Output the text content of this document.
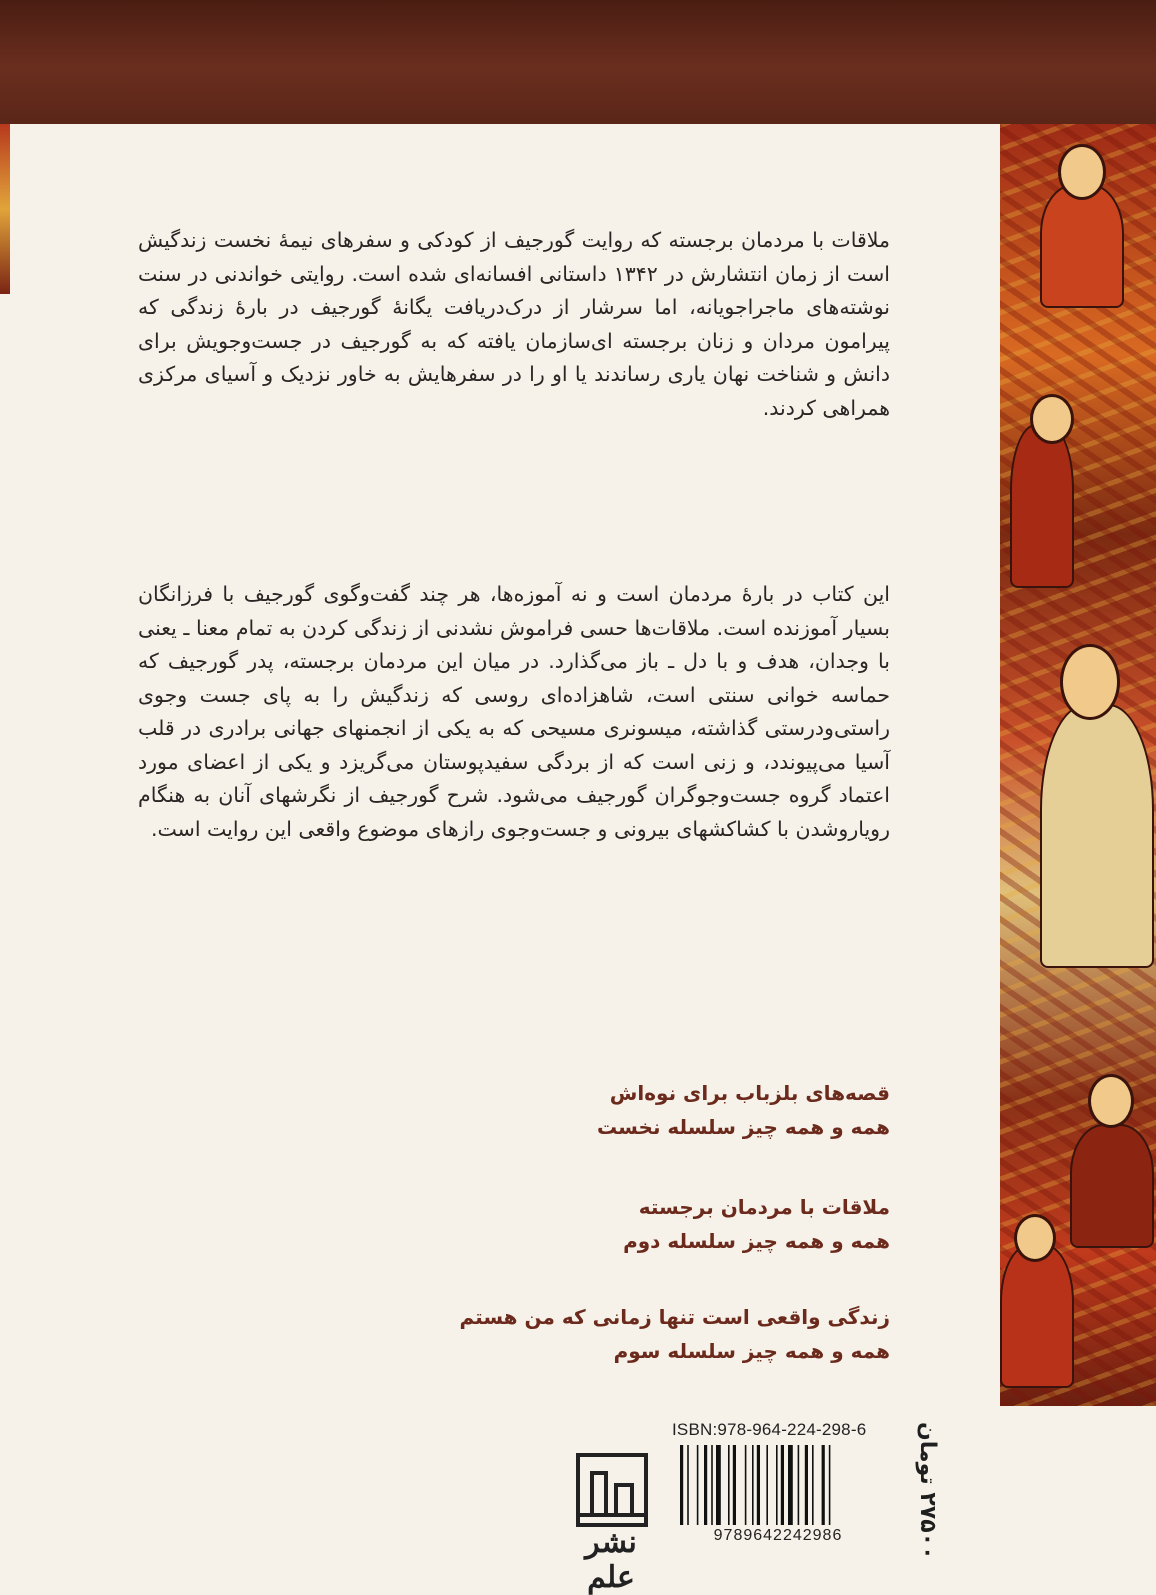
ملاقات با مردمان برجسته که روایت گورجیف از کودکی و سفرهای نیمهٔ نخست زندگیش است از زمان انتشارش در ۱۳۴۲ داستانی افسانه‌ای شده است. روایتی خواندنی در سنت نوشته‌های ماجراجویانه، اما سرشار از درک‌دریافت یگانهٔ گورجیف در بارهٔ زندگی که پیرامون مردان و زنان برجسته ای‌سازمان یافته که به گورجیف در جست‌وجویش برای دانش و شناخت نهان یاری رساندند یا او را در سفرهایش به خاور نزدیک و آسیای مرکزی همراهی کردند.

این کتاب در بارهٔ مردمان است و نه آموزه‌ها، هر چند گفت‌وگوی گورجیف با فرزانگان بسیار آموزنده است. ملاقات‌ها حسی فراموش نشدنی از زندگی کردن به تمام معنا ـ یعنی با وجدان، هدف و با دل ـ باز می‌گذارد. در میان این مردمان برجسته، پدر گورجیف که حماسه خوانی سنتی است، شاهزاده‌ای روسی که زندگیش را به پای جست وجوی راستی‌ودرستی گذاشته، میسونری مسیحی که به یکی از انجمنهای جهانی برادری در قلب آسیا می‌پیوندد، و زنی است که از بردگی سفیدپوستان می‌گریزد و یکی از اعضای مورد اعتماد گروه جست‌وجوگران گورجیف می‌شود. شرح گورجیف از نگرشهای آنان به هنگام رویاروشدن با کشاکشهای بیرونی و جست‌وجوی رازهای موضوع واقعی این روایت است.

قصه‌های بلزباب برای نوه‌اش
همه و همه چیز سلسله نخست
ملاقات با مردمان برجسته
همه و همه چیز سلسله دوم
زندگی واقعی است تنها زمانی که من هستم
همه و همه چیز سلسله سوم
ISBN:978-964-224-298-6
9789642242986
۲۷۵۰۰ تومان
نشر علم
